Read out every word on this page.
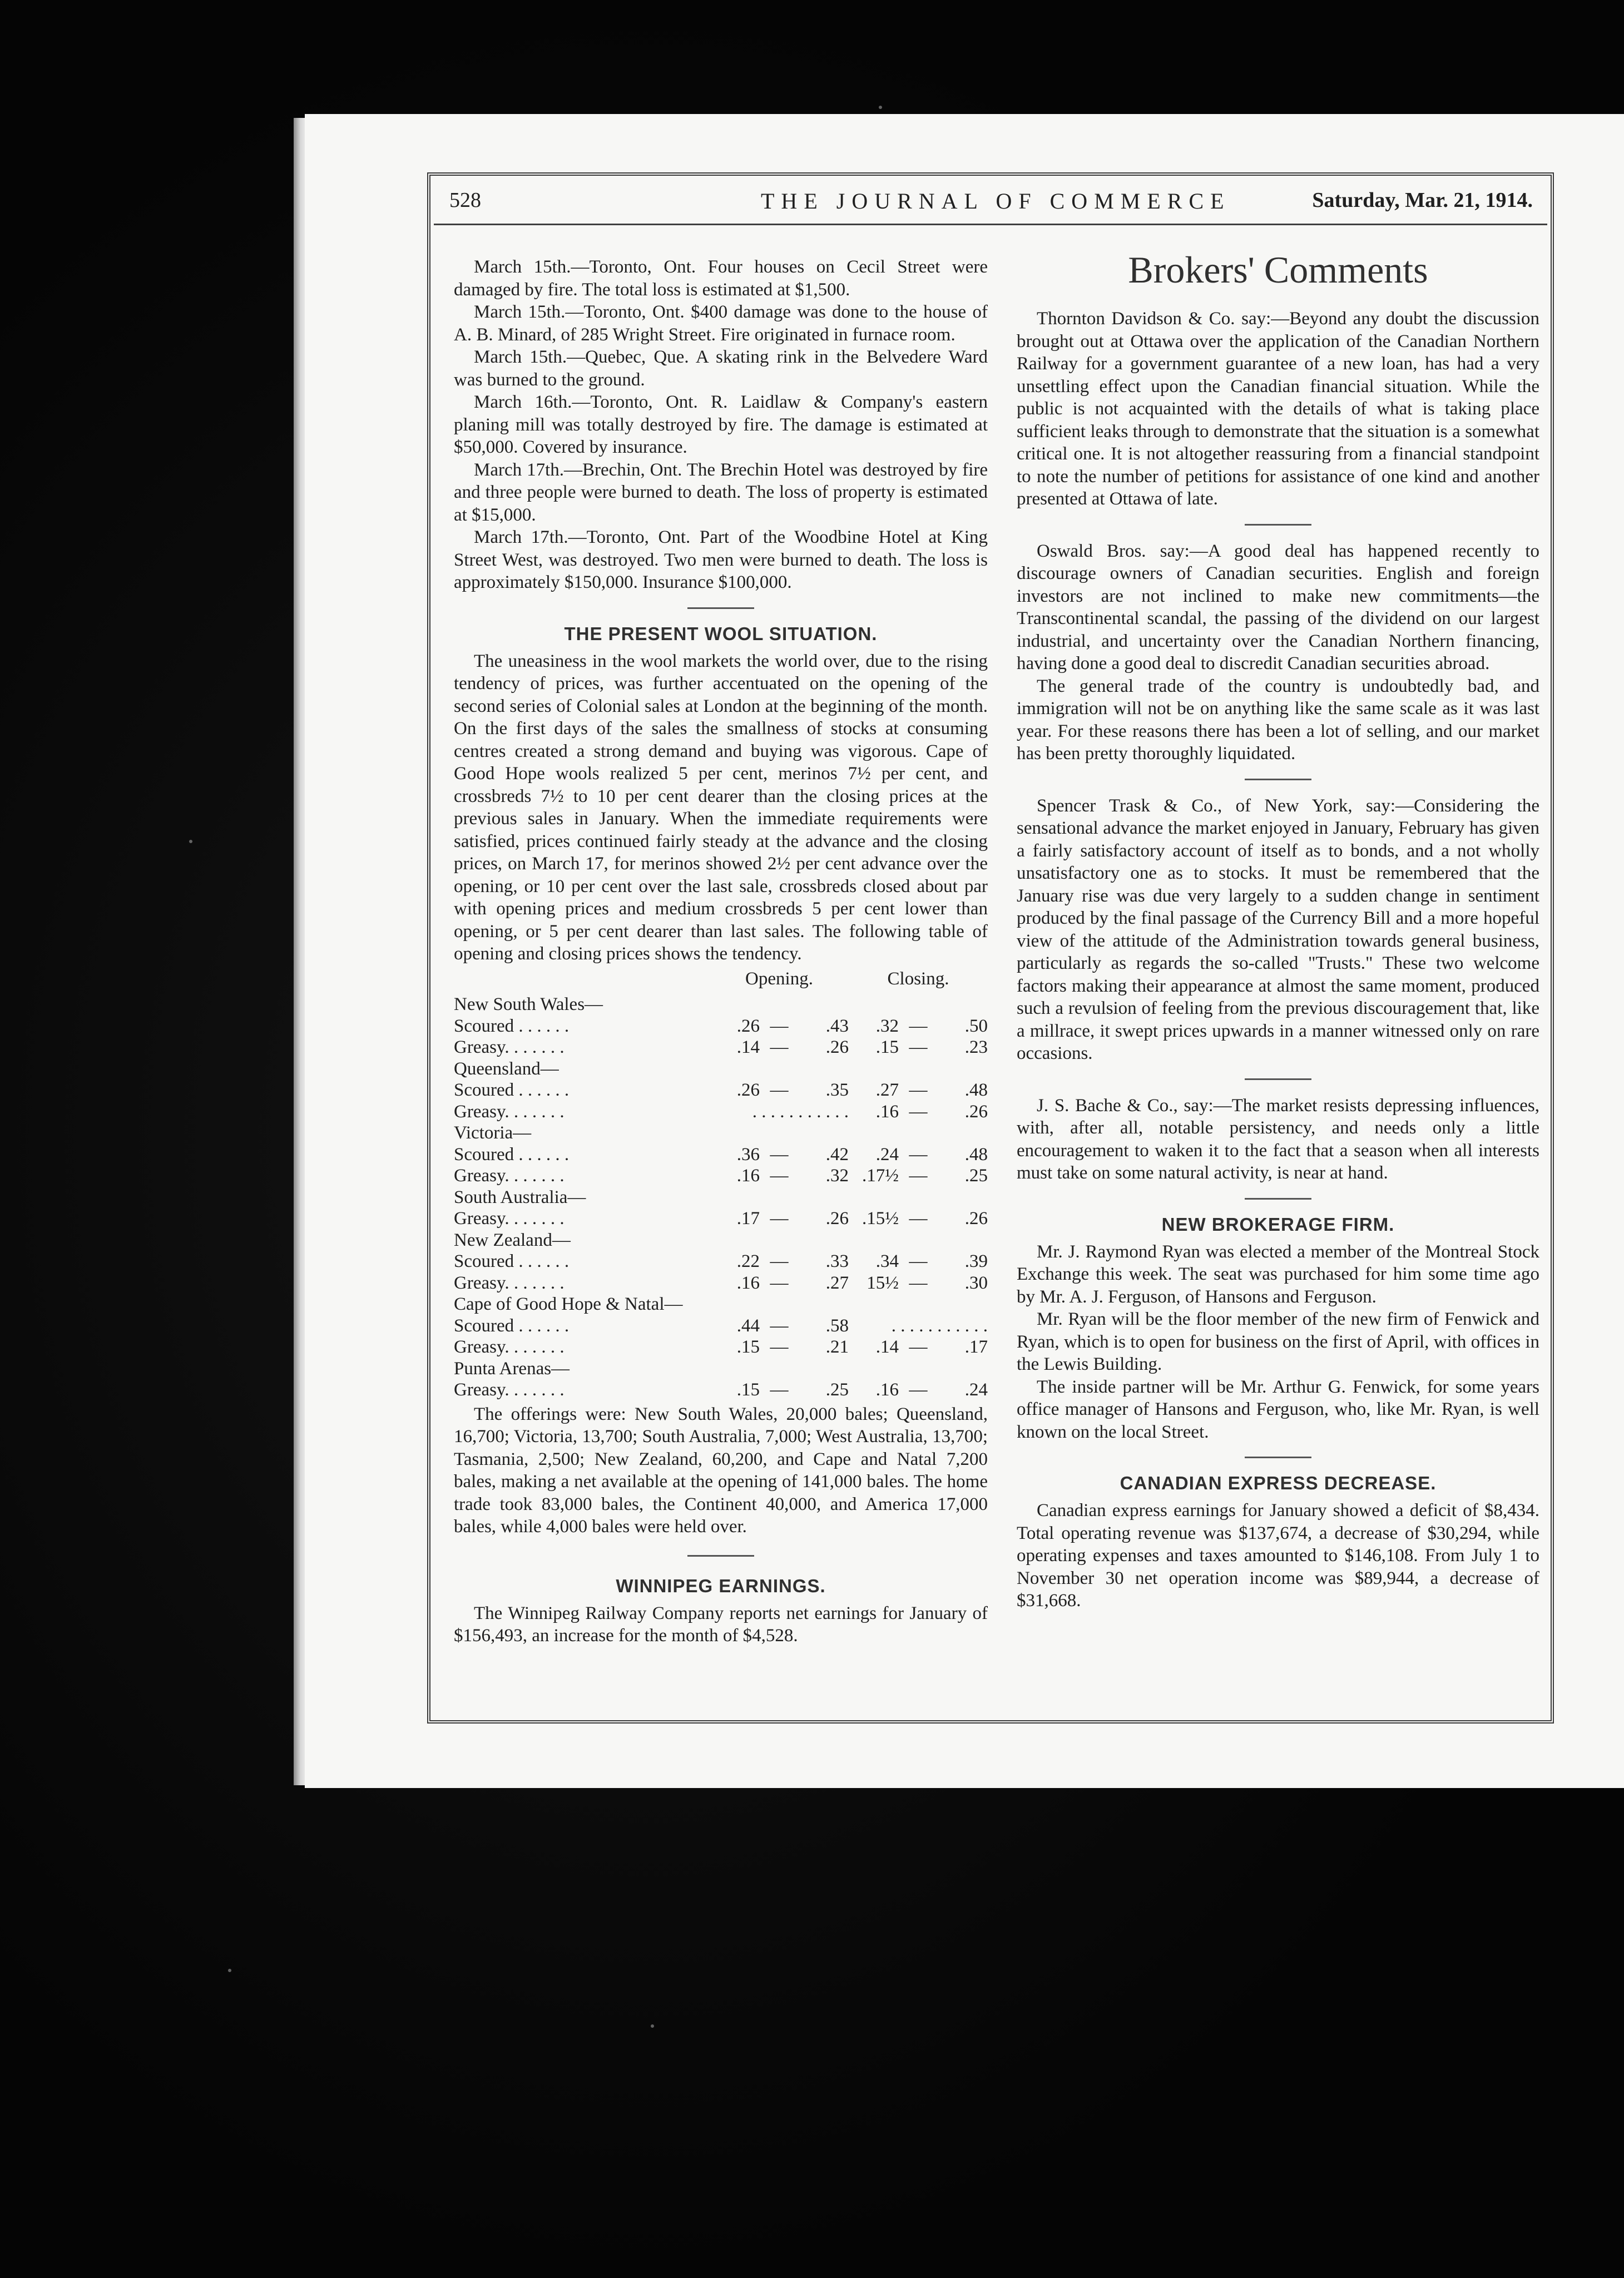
528	THE JOURNAL OF COMMERCE	Saturday, Mar. 21, 1914.

March 15th.—Toronto, Ont. Four houses on Cecil Street were damaged by fire. The total loss is estimated at $1,500.

March 15th.—Toronto, Ont. $400 damage was done to the house of A. B. Minard, of 285 Wright Street. Fire originated in furnace room.

March 15th.—Quebec, Que. A skating rink in the Belvedere Ward was burned to the ground.

March 16th.—Toronto, Ont. R. Laidlaw & Company's eastern planing mill was totally destroyed by fire. The damage is estimated at $50,000. Covered by insurance.

March 17th.—Brechin, Ont. The Brechin Hotel was destroyed by fire and three people were burned to death. The loss of property is estimated at $15,000.

March 17th.—Toronto, Ont. Part of the Woodbine Hotel at King Street West, was destroyed. Two men were burned to death. The loss is approximately $150,000. Insurance $100,000.

THE PRESENT WOOL SITUATION.

The uneasiness in the wool markets the world over, due to the rising tendency of prices, was further accentuated on the opening of the second series of Colonial sales at London at the beginning of the month. On the first days of the sales the smallness of stocks at consuming centres created a strong demand and buying was vigorous. Cape of Good Hope wools realized 5 per cent, merinos 7½ per cent, and crossbreds 7½ to 10 per cent dearer than the closing prices at the previous sales in January. When the immediate requirements were satisfied, prices continued fairly steady at the advance and the closing prices, on March 17, for merinos showed 2½ per cent advance over the opening, or 10 per cent over the last sale, crossbreds closed about par with opening prices and medium crossbreds 5 per cent lower than opening, or 5 per cent dearer than last sales. The following table of opening and closing prices shows the tendency.

	Opening.			Closing.		
New South Wales—						
Scoured . . . . . .	.26	—	.43	.32	—	.50
Greasy. . . . . . .	.14	—	.26	.15	—	.23
Queensland—						
Scoured . . . . . .	.26	—	.35	.27	—	.48
Greasy. . . . . . .	. . . . . . . . . . .			.16	—	.26
Victoria—						
Scoured . . . . . .	.36	—	.42	.24	—	.48
Greasy. . . . . . .	.16	—	.32	.17½	—	.25
South Australia—						
Greasy. . . . . . .	.17	—	.26	.15½	—	.26
New Zealand—						
Scoured . . . . . .	.22	—	.33	.34	—	.39
Greasy. . . . . . .	.16	—	.27	15½	—	.30
Cape of Good Hope & Natal—						
Scoured . . . . . .	.44	—	.58	. . . . . . . . . . .		
Greasy. . . . . . .	.15	—	.21	.14	—	.17
Punta Arenas—						
Greasy. . . . . . .	.15	—	.25	.16	—	.24

The offerings were: New South Wales, 20,000 bales; Queensland, 16,700; Victoria, 13,700; South Australia, 7,000; West Australia, 13,700; Tasmania, 2,500; New Zealand, 60,200, and Cape and Natal 7,200 bales, making a net available at the opening of 141,000 bales. The home trade took 83,000 bales, the Continent 40,000, and America 17,000 bales, while 4,000 bales were held over.

WINNIPEG EARNINGS.

The Winnipeg Railway Company reports net earnings for January of $156,493, an increase for the month of $4,528.

Brokers' Comments

Thornton Davidson & Co. say:—Beyond any doubt the discussion brought out at Ottawa over the application of the Canadian Northern Railway for a government guarantee of a new loan, has had a very unsettling effect upon the Canadian financial situation. While the public is not acquainted with the details of what is taking place sufficient leaks through to demonstrate that the situation is a somewhat critical one. It is not altogether reassuring from a financial standpoint to note the number of petitions for assistance of one kind and another presented at Ottawa of late.

Oswald Bros. say:—A good deal has happened recently to discourage owners of Canadian securities. English and foreign investors are not inclined to make new commitments—the Transcontinental scandal, the passing of the dividend on our largest industrial, and uncertainty over the Canadian Northern financing, having done a good deal to discredit Canadian securities abroad.

The general trade of the country is undoubtedly bad, and immigration will not be on anything like the same scale as it was last year. For these reasons there has been a lot of selling, and our market has been pretty thoroughly liquidated.

Spencer Trask & Co., of New York, say:—Considering the sensational advance the market enjoyed in January, February has given a fairly satisfactory account of itself as to bonds, and a not wholly unsatisfactory one as to stocks. It must be remembered that the January rise was due very largely to a sudden change in sentiment produced by the final passage of the Currency Bill and a more hopeful view of the attitude of the Administration towards general business, particularly as regards the so-called "Trusts." These two welcome factors making their appearance at almost the same moment, produced such a revulsion of feeling from the previous discouragement that, like a millrace, it swept prices upwards in a manner witnessed only on rare occasions.

J. S. Bache & Co., say:—The market resists depressing influences, with, after all, notable persistency, and needs only a little encouragement to waken it to the fact that a season when all interests must take on some natural activity, is near at hand.

NEW BROKERAGE FIRM.

Mr. J. Raymond Ryan was elected a member of the Montreal Stock Exchange this week. The seat was purchased for him some time ago by Mr. A. J. Ferguson, of Hansons and Ferguson.

Mr. Ryan will be the floor member of the new firm of Fenwick and Ryan, which is to open for business on the first of April, with offices in the Lewis Building.

The inside partner will be Mr. Arthur G. Fenwick, for some years office manager of Hansons and Ferguson, who, like Mr. Ryan, is well known on the local Street.

CANADIAN EXPRESS DECREASE.

Canadian express earnings for January showed a deficit of $8,434. Total operating revenue was $137,674, a decrease of $30,294, while operating expenses and taxes amounted to $146,108. From July 1 to November 30 net operation income was $89,944, a decrease of $31,668.
